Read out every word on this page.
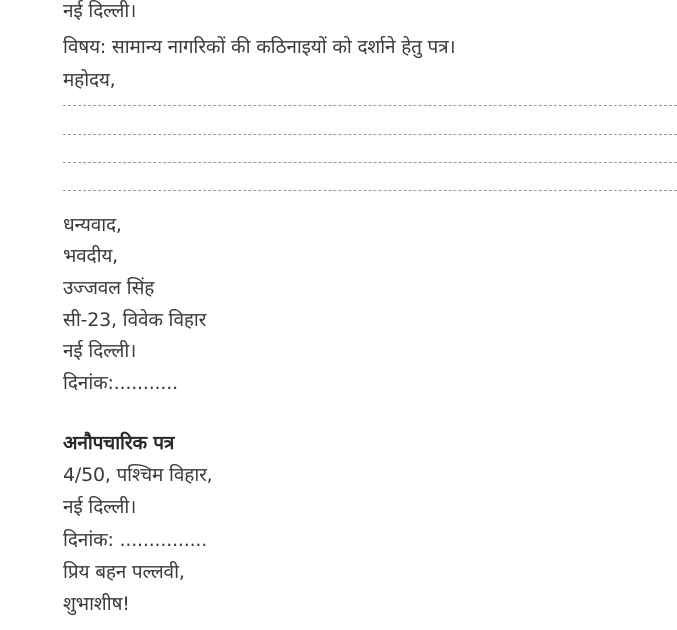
नई दिल्ली।
विषय: सामान्य नागरिकों की कठिनाइयों को दर्शाने हेतु पत्र।
महोदय,
धन्यवाद,
भवदीय,
उज्जवल सिंह
सी-23, विवेक विहार
नई दिल्ली।
दिनांक:...........
अनौपचारिक पत्र
4/50, पश्चिम विहार,
नई दिल्ली।
दिनांक: ...............
प्रिय बहन पल्लवी,
शुभाशीष!
